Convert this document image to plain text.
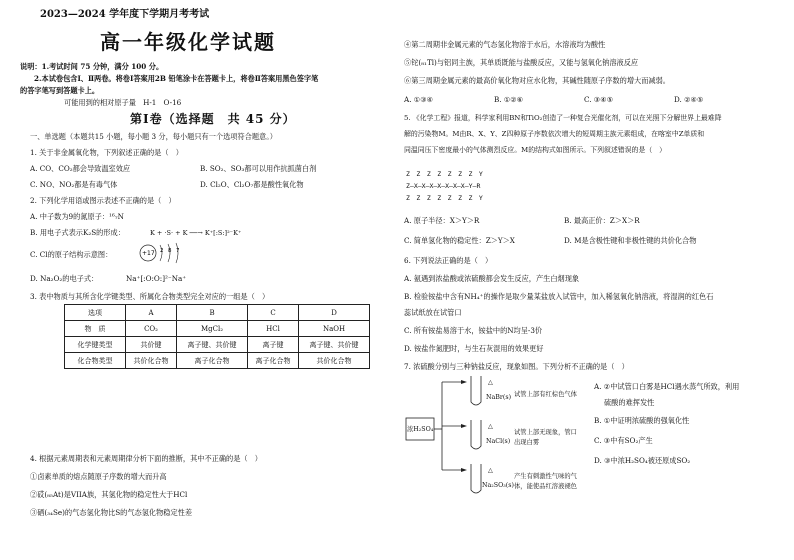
2023—2024 学年度下学期月考考试
高一年级化学试题
说明：1.考试时间 75 分钟，满分 100 分。
2.本试卷包含Ⅰ、Ⅱ两卷。将卷Ⅰ答案用2B 铅笔涂卡在答题卡上，将卷Ⅱ答案用黑色签字笔
的答字笔写到答题卡上。
可能用到的相对原子量　H-1　O-16
第Ⅰ卷（选择题　共 45 分）
一、单选题（本题共15 小题，每小题 3 分，每小题只有一个选项符合题意。）
1. 关于非金属氧化物，下列叙述正确的是（　）
A. CO、CO₂都会导致温室效应	B. SO₂、SO₃都可以用作抗抓菌白剂
C. NO、NO₂都是有毒气体	D. Cl₂O、Cl₂O₇都是酸性氧化物
2. 下列化学用语或图示表述不正确的是（　）
A. 中子数为9的氮原子：¹⁶₇N
B. 用电子式表示K₂S的形成：	K + ·S· + K ──→ K⁺[:S:]²⁻K⁺
C. Cl的原子结构示意图：	+17 2 8 7
D. Na₂O₂的电子式：	Na⁺[:O:O:]²⁻Na⁺
3. 表中物质与其所含化学键类型、所属化合物类型完全对应的一组是（　）
选项	A	B	C	D
物　质	CO₂	MgCl₂	HCl	NaOH
化学键类型	共价键	离子键、共价键	离子键	离子键、共价键
化合物类型	共价化合物	离子化合物	离子化合物	共价化合物
4. 根据元素周期表和元素周期律分析下面的推断，其中不正确的是（　）
①卤素单质的熔点随原子序数的增大而升高
②砹(₈₅At)是VIIA族，其氢化物的稳定性大于HCl
③硒(₃₄Se)的气态氢化物比S的气态氢化物稳定性差
④第二周期非金属元素的气态氢化物溶于水后，水溶液均为酸性
⑤铊(₈₁Tl)与铝同主族，其单质既能与盐酸反应，又能与氢氧化钠溶液反应
⑥第三周期金属元素的最高价氧化物对应水化物，其碱性随原子序数的增大而减弱。
A. ①③④	B. ①②⑥	C. ③④⑤	D. ②④⑤
5. 《化学工程》报道，科学家利用BN和TiO₂创造了一种复合光催化剂，可以在光照下分解世界上最难降
解的污染物M。M由R、X、Y、Z四种原子序数依次增大的短周期主族元素组成，在喀室中Z单质和
同温同压下密度最小的气体测烈反应。M的结构式如图所示。下列叙述错误的是（　）
Z　Z　Z　Z　Z　Z　Z　Y
Z—X—X—X—X—X—X—X—Y—R
Z　Z　Z　Z　Z　Z　Z　Y
A. 原子半径：X＞Y＞R	B. 最高正价：Z＞X＞R
C. 简单氢化物的稳定性：Z＞Y＞X	D. M是含极性键和非极性键的共价化合物
6. 下列说法正确的是（　）
A. 氨遇到浓盐酸或浓硫酸都会发生反应，产生白烟现象
B. 检验铵盐中含有NH₄⁺的操作是取少量某盐放入试管中，加入稀氢氧化钠溶液，将湿润的红色石
蕊试纸放在试管口
C. 所有铵盐易溶于水，铵盐中的N均呈-3价
D. 铵盐作氮肥时，与生石灰混用的效果更好
7. 浓硫酸分别与三种钠盐反应，现象如图。下列分析不正确的是（　）
浓H₂SO₄
△
NaBr(s)
△
NaCl(s)
△
Na₂SO₃(s)
试管上部有红棕色气体
试管上部无现象，管口
出现白雾
产生有刺激性气味的气
体，能使品红溶液褪色
A. ②中试管口白雾是HCl遇水蒸气所致，利用
硫酸的难挥发性
B. ①中证明浓硫酸的强氧化性
C. ③中有SO₂产生
D. ③中浓H₂SO₄被还原成SO₂
